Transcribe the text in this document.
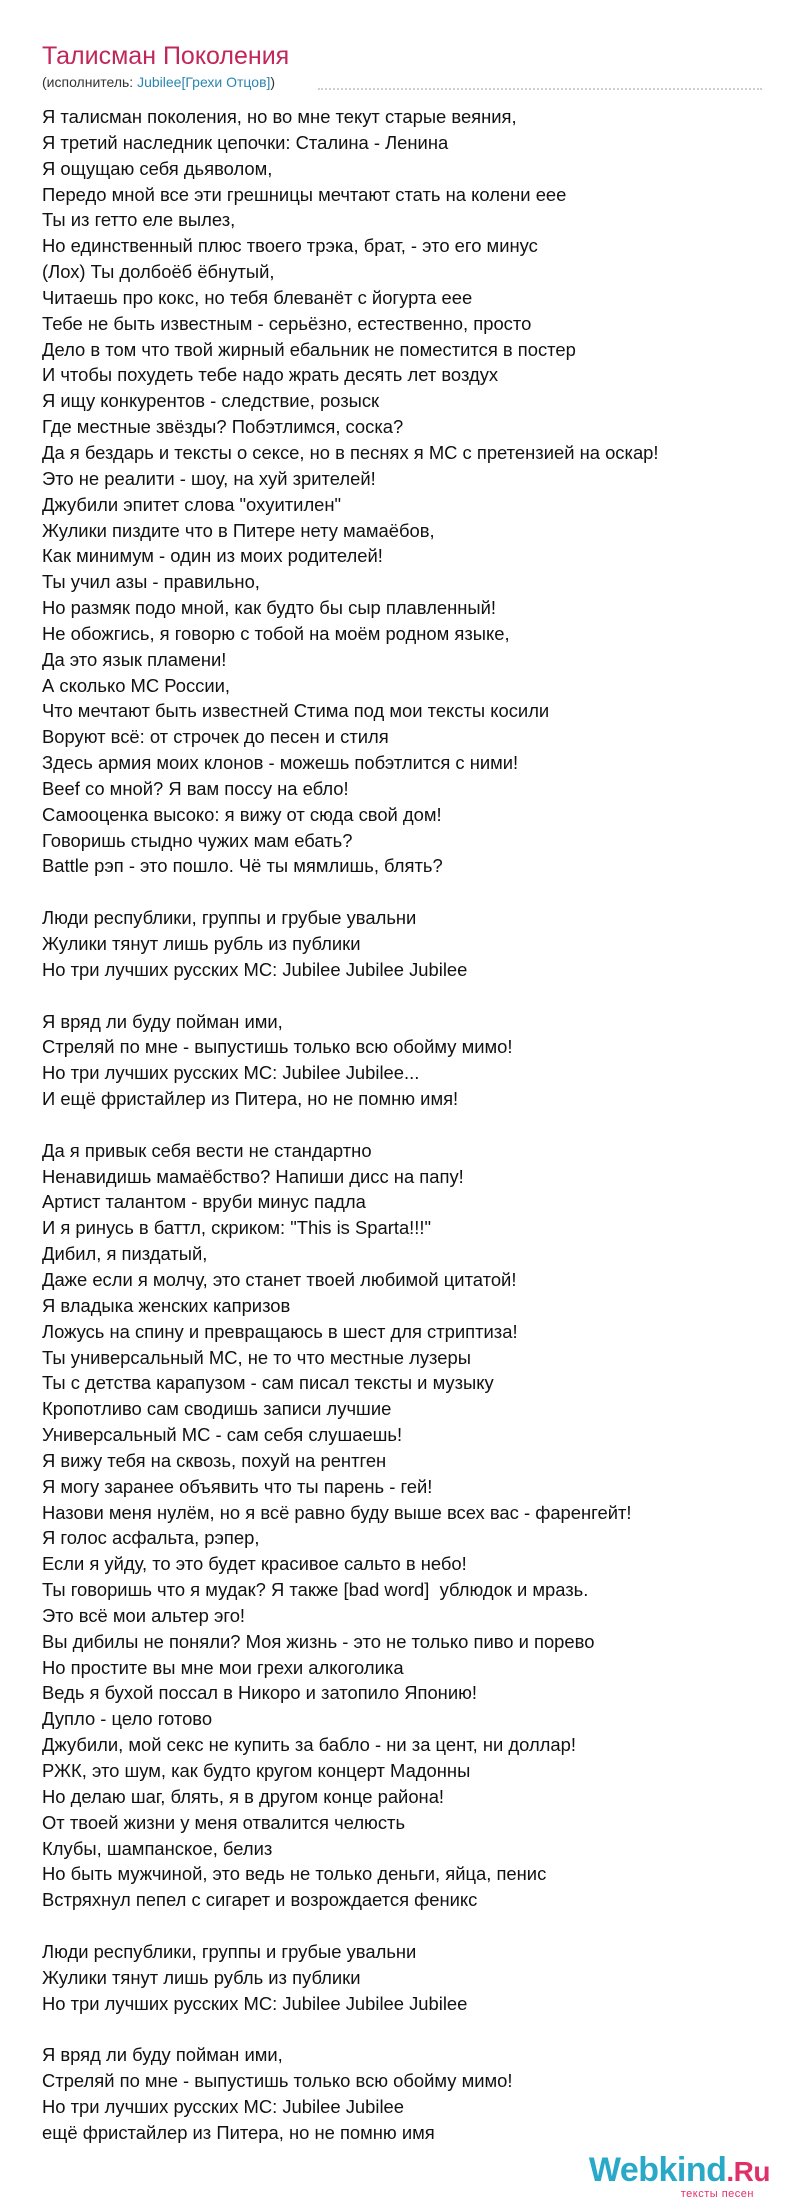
Талисман Поколения
(исполнитель: Jubilee[Грехи Отцов])
Я талисман поколения, но во мне текут старые веяния,
Я третий наследник цепочки: Сталина - Ленина
Я ощущаю себя дьяволом,
Передо мной все эти грешницы мечтают стать на колени еее
Ты из гетто еле вылез,
Но единственный плюс твоего трэка, брат, - это его минус
(Лох) Ты долбоёб ёбнутый,
Читаешь про кокс, но тебя блеванёт с йогурта еее
Тебе не быть известным - серьёзно, естественно, просто
Дело в том что твой жирный ебальник не поместится в постер
И чтобы похудеть тебе надо жрать десять лет воздух
Я ищу конкурентов - следствие, розыск
Где местные звёзды? Побэтлимся, соска?
Да я бездарь и тексты о сексе, но в песнях я МС с претензией на оскар!
Это не реалити - шоу, на хуй зрителей!
Джубили эпитет слова "охуитилен"
Жулики пиздите что в Питере нету мамаёбов,
Как минимум - один из моих родителей!
Ты учил азы - правильно,
Но размяк подо мной, как будто бы сыр плавленный!
Не обожгись, я говорю с тобой на моём родном языке,
Да это язык пламени!
А сколько МС России,
Что мечтают быть известней Стима под мои тексты косили
Воруют всё: от строчек до песен и стиля
Здесь армия моих клонов - можешь побэтлится с ними!
Beef со мной? Я вам поссу на ебло!
Самооценка высоко: я вижу от сюда свой дом!
Говоришь стыдно чужих мам ебать?
Battle рэп - это пошло. Чё ты мямлишь, блять?
Люди республики, группы и грубые увальни
Жулики тянут лишь рубль из публики
Но три лучших русских МС: Jubilee Jubilee Jubilee
Я вряд ли буду пойман ими,
Стреляй по мне - выпустишь только всю обойму мимо!
Но три лучших русских МС: Jubilee Jubilee...
И ещё фристайлер из Питера, но не помню имя!
Да я привык себя вести не стандартно
Ненавидишь мамаёбство? Напиши дисс на папу!
Артист талантом - вруби минус падла
И я ринусь в баттл, скриком: "This is Sparta!!!"
Дибил, я пиздатый,
Даже если я молчу, это станет твоей любимой цитатой!
Я владыка женских капризов
Ложусь на спину и превращаюсь в шест для стриптиза!
Ты универсальный МС, не то что местные лузеры
Ты с детства карапузом - сам писал тексты и музыку
Кропотливо сам сводишь записи лучшие
Универсальный МС - сам себя слушаешь!
Я вижу тебя на сквозь, похуй на рентген
Я могу заранее объявить что ты парень - гей!
Назови меня нулём, но я всё равно буду выше всех вас - фаренгейт!
Я голос асфальта, рэпер,
Если я уйду, то это будет красивое сальто в небо!
Ты говоришь что я мудак? Я также [bad word]  ублюдок и мразь.
Это всё мои альтер эго!
Вы дибилы не поняли? Моя жизнь - это не только пиво и порево
Но простите вы мне мои грехи алкоголика
Ведь я бухой поссал в Никоро и затопило Японию!
Дупло - цело готово
Джубили, мой секс не купить за бабло - ни за цент, ни доллар!
РЖК, это шум, как будто кругом концерт Мадонны
Но делаю шаг, блять, я в другом конце района!
От твоей жизни у меня отвалится челюсть
Клубы, шампанское, белиз
Но быть мужчиной, это ведь не только деньги, яйца, пенис
Встряхнул пепел с сигарет и возрождается феникс
Люди республики, группы и грубые увальни
Жулики тянут лишь рубль из публики
Но три лучших русских МС: Jubilee Jubilee Jubilee
Я вряд ли буду пойман ими,
Стреляй по мне - выпустишь только всю обойму мимо!
Но три лучших русских МС: Jubilee Jubilee
ещё фристайлер из Питера, но не помню имя
Webkind.Ru
тексты песен
